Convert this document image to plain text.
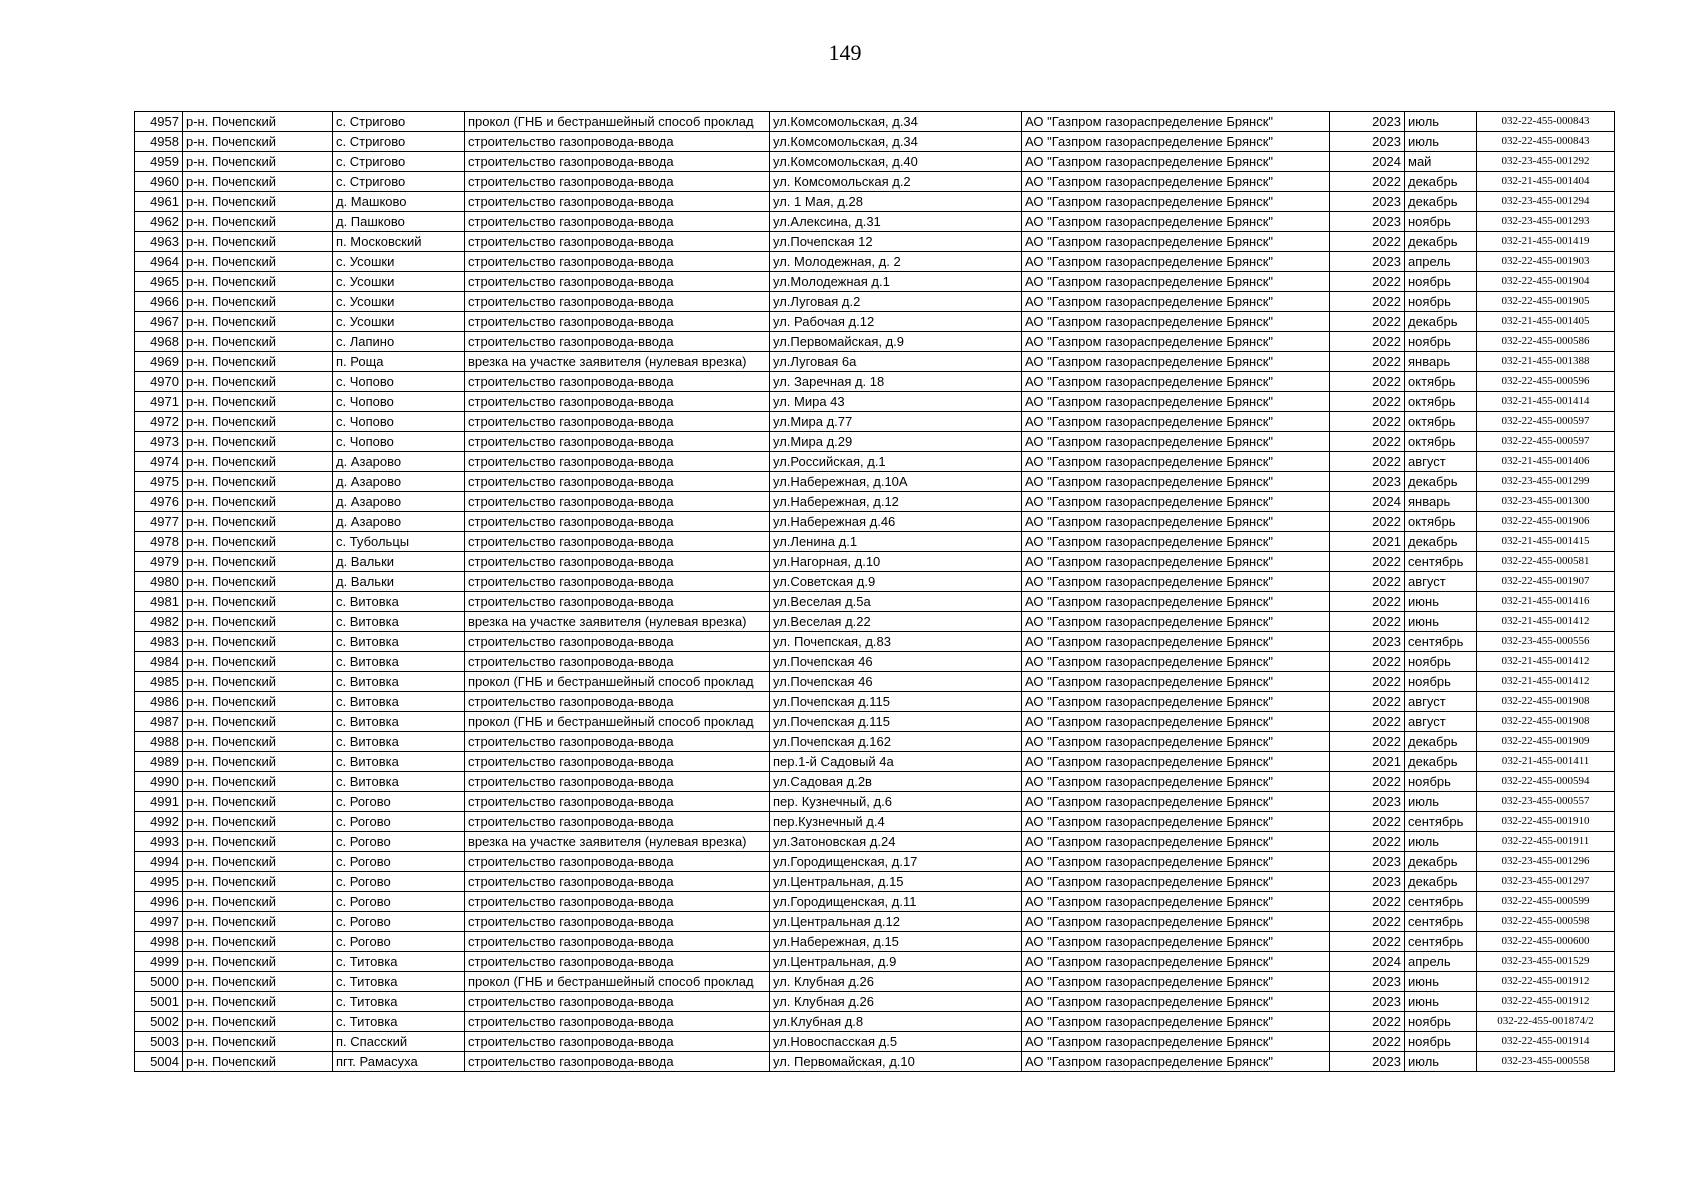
149
4957	р-н. Почепский	с. Стригово	прокол (ГНБ и бестраншейный способ проклад	ул.Комсомольская, д.34	АО "Газпром газораспределение Брянск"	2023	июль	032-22-455-000843
4958	р-н. Почепский	с. Стригово	строительство газопровода-ввода	ул.Комсомольская, д.34	АО "Газпром газораспределение Брянск"	2023	июль	032-22-455-000843
4959	р-н. Почепский	с. Стригово	строительство газопровода-ввода	ул.Комсомольская, д.40	АО "Газпром газораспределение Брянск"	2024	май	032-23-455-001292
4960	р-н. Почепский	с. Стригово	строительство газопровода-ввода	ул. Комсомольская д.2	АО "Газпром газораспределение Брянск"	2022	декабрь	032-21-455-001404
4961	р-н. Почепский	д. Машково	строительство газопровода-ввода	ул. 1 Мая, д.28	АО "Газпром газораспределение Брянск"	2023	декабрь	032-23-455-001294
4962	р-н. Почепский	д. Пашково	строительство газопровода-ввода	ул.Алексина, д.31	АО "Газпром газораспределение Брянск"	2023	ноябрь	032-23-455-001293
4963	р-н. Почепский	п. Московский	строительство газопровода-ввода	ул.Почепская 12	АО "Газпром газораспределение Брянск"	2022	декабрь	032-21-455-001419
4964	р-н. Почепский	с. Усошки	строительство газопровода-ввода	ул. Молодежная, д. 2	АО "Газпром газораспределение Брянск"	2023	апрель	032-22-455-001903
4965	р-н. Почепский	с. Усошки	строительство газопровода-ввода	ул.Молодежная д.1	АО "Газпром газораспределение Брянск"	2022	ноябрь	032-22-455-001904
4966	р-н. Почепский	с. Усошки	строительство газопровода-ввода	ул.Луговая д.2	АО "Газпром газораспределение Брянск"	2022	ноябрь	032-22-455-001905
4967	р-н. Почепский	с. Усошки	строительство газопровода-ввода	ул. Рабочая д.12	АО "Газпром газораспределение Брянск"	2022	декабрь	032-21-455-001405
4968	р-н. Почепский	с. Лапино	строительство газопровода-ввода	ул.Первомайская, д.9	АО "Газпром газораспределение Брянск"	2022	ноябрь	032-22-455-000586
4969	р-н. Почепский	п. Роща	врезка на участке заявителя (нулевая врезка)	ул.Луговая 6а	АО "Газпром газораспределение Брянск"	2022	январь	032-21-455-001388
4970	р-н. Почепский	с. Чопово	строительство газопровода-ввода	ул. Заречная д. 18	АО "Газпром газораспределение Брянск"	2022	октябрь	032-22-455-000596
4971	р-н. Почепский	с. Чопово	строительство газопровода-ввода	ул. Мира 43	АО "Газпром газораспределение Брянск"	2022	октябрь	032-21-455-001414
4972	р-н. Почепский	с. Чопово	строительство газопровода-ввода	ул.Мира д.77	АО "Газпром газораспределение Брянск"	2022	октябрь	032-22-455-000597
4973	р-н. Почепский	с. Чопово	строительство газопровода-ввода	ул.Мира д.29	АО "Газпром газораспределение Брянск"	2022	октябрь	032-22-455-000597
4974	р-н. Почепский	д. Азарово	строительство газопровода-ввода	ул.Российская, д.1	АО "Газпром газораспределение Брянск"	2022	август	032-21-455-001406
4975	р-н. Почепский	д. Азарово	строительство газопровода-ввода	ул.Набережная, д.10А	АО "Газпром газораспределение Брянск"	2023	декабрь	032-23-455-001299
4976	р-н. Почепский	д. Азарово	строительство газопровода-ввода	ул.Набережная, д.12	АО "Газпром газораспределение Брянск"	2024	январь	032-23-455-001300
4977	р-н. Почепский	д. Азарово	строительство газопровода-ввода	ул.Набережная д.46	АО "Газпром газораспределение Брянск"	2022	октябрь	032-22-455-001906
4978	р-н. Почепский	с. Тубольцы	строительство газопровода-ввода	ул.Ленина д.1	АО "Газпром газораспределение Брянск"	2021	декабрь	032-21-455-001415
4979	р-н. Почепский	д. Вальки	строительство газопровода-ввода	ул.Нагорная, д.10	АО "Газпром газораспределение Брянск"	2022	сентябрь	032-22-455-000581
4980	р-н. Почепский	д. Вальки	строительство газопровода-ввода	ул.Советская д.9	АО "Газпром газораспределение Брянск"	2022	август	032-22-455-001907
4981	р-н. Почепский	с. Витовка	строительство газопровода-ввода	ул.Веселая д.5а	АО "Газпром газораспределение Брянск"	2022	июнь	032-21-455-001416
4982	р-н. Почепский	с. Витовка	врезка на участке заявителя (нулевая врезка)	ул.Веселая д.22	АО "Газпром газораспределение Брянск"	2022	июнь	032-21-455-001412
4983	р-н. Почепский	с. Витовка	строительство газопровода-ввода	ул. Почепская, д.83	АО "Газпром газораспределение Брянск"	2023	сентябрь	032-23-455-000556
4984	р-н. Почепский	с. Витовка	строительство газопровода-ввода	ул.Почепская 46	АО "Газпром газораспределение Брянск"	2022	ноябрь	032-21-455-001412
4985	р-н. Почепский	с. Витовка	прокол (ГНБ и бестраншейный способ проклад	ул.Почепская 46	АО "Газпром газораспределение Брянск"	2022	ноябрь	032-21-455-001412
4986	р-н. Почепский	с. Витовка	строительство газопровода-ввода	ул.Почепская д.115	АО "Газпром газораспределение Брянск"	2022	август	032-22-455-001908
4987	р-н. Почепский	с. Витовка	прокол (ГНБ и бестраншейный способ проклад	ул.Почепская д.115	АО "Газпром газораспределение Брянск"	2022	август	032-22-455-001908
4988	р-н. Почепский	с. Витовка	строительство газопровода-ввода	ул.Почепская д.162	АО "Газпром газораспределение Брянск"	2022	декабрь	032-22-455-001909
4989	р-н. Почепский	с. Витовка	строительство газопровода-ввода	пер.1-й Садовый 4а	АО "Газпром газораспределение Брянск"	2021	декабрь	032-21-455-001411
4990	р-н. Почепский	с. Витовка	строительство газопровода-ввода	ул.Садовая д.2в	АО "Газпром газораспределение Брянск"	2022	ноябрь	032-22-455-000594
4991	р-н. Почепский	с. Рогово	строительство газопровода-ввода	пер. Кузнечный, д.6	АО "Газпром газораспределение Брянск"	2023	июль	032-23-455-000557
4992	р-н. Почепский	с. Рогово	строительство газопровода-ввода	пер.Кузнечный д.4	АО "Газпром газораспределение Брянск"	2022	сентябрь	032-22-455-001910
4993	р-н. Почепский	с. Рогово	врезка на участке заявителя (нулевая врезка)	ул.Затоновская д.24	АО "Газпром газораспределение Брянск"	2022	июль	032-22-455-001911
4994	р-н. Почепский	с. Рогово	строительство газопровода-ввода	ул.Городищенская, д.17	АО "Газпром газораспределение Брянск"	2023	декабрь	032-23-455-001296
4995	р-н. Почепский	с. Рогово	строительство газопровода-ввода	ул.Центральная, д.15	АО "Газпром газораспределение Брянск"	2023	декабрь	032-23-455-001297
4996	р-н. Почепский	с. Рогово	строительство газопровода-ввода	ул.Городищенская, д.11	АО "Газпром газораспределение Брянск"	2022	сентябрь	032-22-455-000599
4997	р-н. Почепский	с. Рогово	строительство газопровода-ввода	ул.Центральная д.12	АО "Газпром газораспределение Брянск"	2022	сентябрь	032-22-455-000598
4998	р-н. Почепский	с. Рогово	строительство газопровода-ввода	ул.Набережная, д.15	АО "Газпром газораспределение Брянск"	2022	сентябрь	032-22-455-000600
4999	р-н. Почепский	с. Титовка	строительство газопровода-ввода	ул.Центральная, д.9	АО "Газпром газораспределение Брянск"	2024	апрель	032-23-455-001529
5000	р-н. Почепский	с. Титовка	прокол (ГНБ и бестраншейный способ проклад	ул. Клубная д.26	АО "Газпром газораспределение Брянск"	2023	июнь	032-22-455-001912
5001	р-н. Почепский	с. Титовка	строительство газопровода-ввода	ул. Клубная д.26	АО "Газпром газораспределение Брянск"	2023	июнь	032-22-455-001912
5002	р-н. Почепский	с. Титовка	строительство газопровода-ввода	ул.Клубная д.8	АО "Газпром газораспределение Брянск"	2022	ноябрь	032-22-455-001874/2
5003	р-н. Почепский	п. Спасский	строительство газопровода-ввода	ул.Новоспасская д.5	АО "Газпром газораспределение Брянск"	2022	ноябрь	032-22-455-001914
5004	р-н. Почепский	пгт. Рамасуха	строительство газопровода-ввода	ул. Первомайская, д.10	АО "Газпром газораспределение Брянск"	2023	июль	032-23-455-000558
